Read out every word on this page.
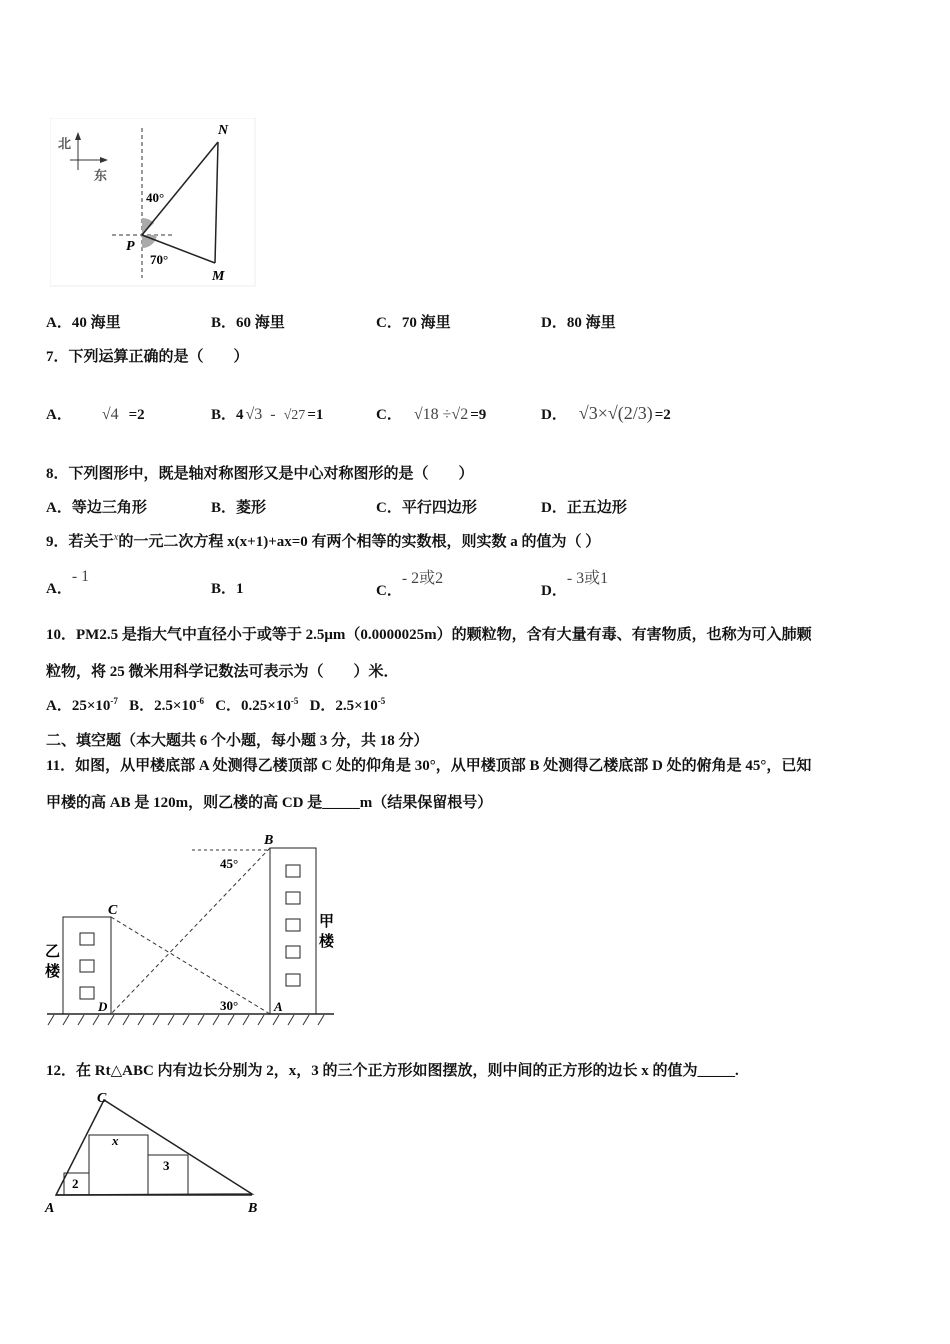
北
东
N
P
M
40°
70°
A．40 海里	B．60 海里	C．70 海里	D．80 海里
7．下列运算正确的是（　　）
A． √4 =2	B．4 √3 - √27 =1	C． √18 ÷√2 =9	D． √3×√(2/3) =2
8．下列图形中，既是轴对称图形又是中心对称图形的是（　　）
A．等边三角形	B．菱形	C．平行四边形	D．正五边形
9．若关于$^x$的一元二次方程 x(x+1)+ax=0 有两个相等的实数根，则实数 a 的值为（ ）
A．- 1
B．1	C．- 2或2
D．- 3或1
10．PM2.5 是指大气中直径小于或等于 2.5μm（0.0000025m）的颗粒物，含有大量有毒、有害物质，也称为可入肺颗
粒物，将 25 微米用科学记数法可表示为（　　）米．
A．$25\times 10^{-7}$ B．$2.5\times 10^{-6}$ C．$0.25\times 10^{-5}$ D．$2.5\times 10^{-5}$
二、填空题（本大题共 6 个小题，每小题 3 分，共 18 分）
11．如图，从甲楼底部 A 处测得乙楼顶部 C 处的仰角是 30°，从甲楼顶部 B 处测得乙楼底部 D 处的俯角是 45°，已知
甲楼的高 AB 是 120m，则乙楼的高 CD 是_____m（结果保留根号）
B
C
D	A
45°
30°
甲
楼
乙
楼
12．在 Rt△ABC 内有边长分别为 2，x，3 的三个正方形如图摆放，则中间的正方形的边长 x 的值为_____.
C
A	B
x
2
3
